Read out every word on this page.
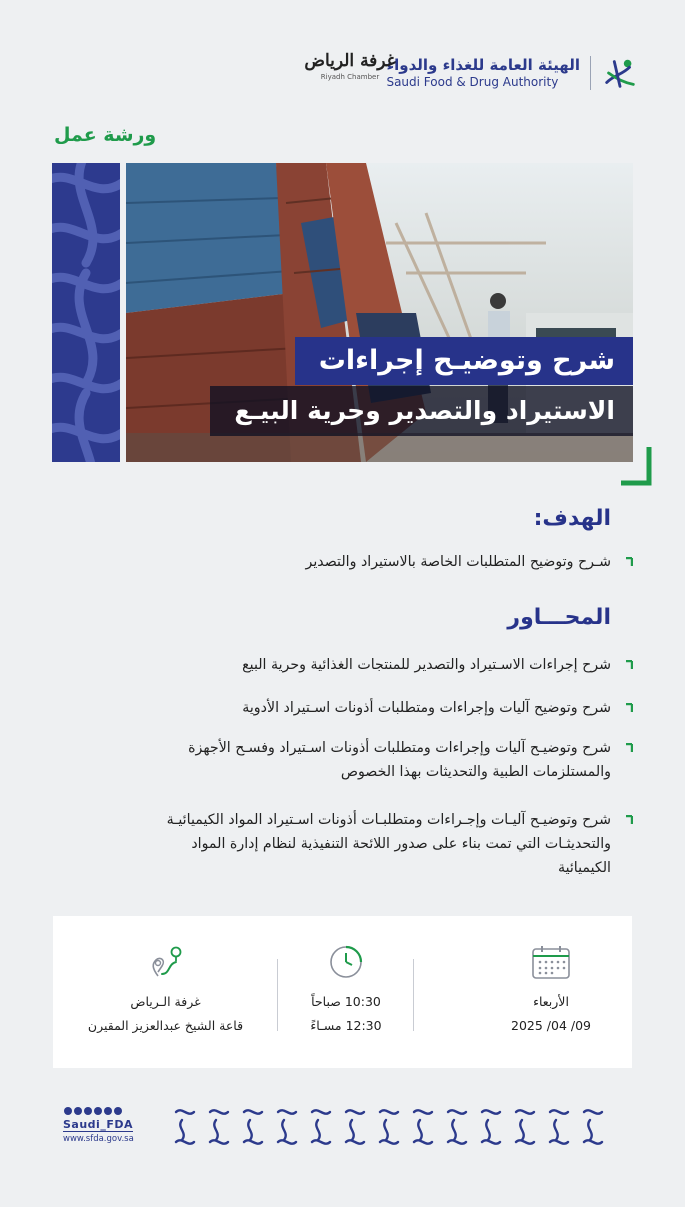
الهيئة العامة للغذاء والدواء
Saudi Food & Drug Authority
غرفة الرياض
Riyadh Chamber
ورشة عمل
شرح وتوضيـح إجراءات
الاستيراد والتصدير وحرية البيـع
الهدف:
شـرح وتوضيح المتطلبات الخاصة بالاستيراد والتصدير
المحـــاور
شرح إجراءات الاسـتيراد والتصدير للمنتجات الغذائية وحرية البيع
شرح وتوضيح آليات وإجراءات ومتطلبات أذونات اسـتيراد الأدوية
شرح وتوضيـح آليات وإجراءات ومتطلبات أذونات اسـتيراد وفسـح الأجهزة والمستلزمات الطبية والتحديثات بهذا الخصوص
شرح وتوضيـح آليـات وإجـراءات ومتطلبـات أذونات اسـتيراد المواد الكيميائيـة والتحديثـات التي تمت بناء على صدور اللائحة التنفيذية لنظام إدارة المواد الكيميائية
الأربعاء
2025 /04 /09
10:30 صباحاً
12:30 مسـاءً
غرفة الـرياض
قاعة الشيخ عبدالعزيز المقيرن
Saudi_FDA
www.sfda.gov.sa
